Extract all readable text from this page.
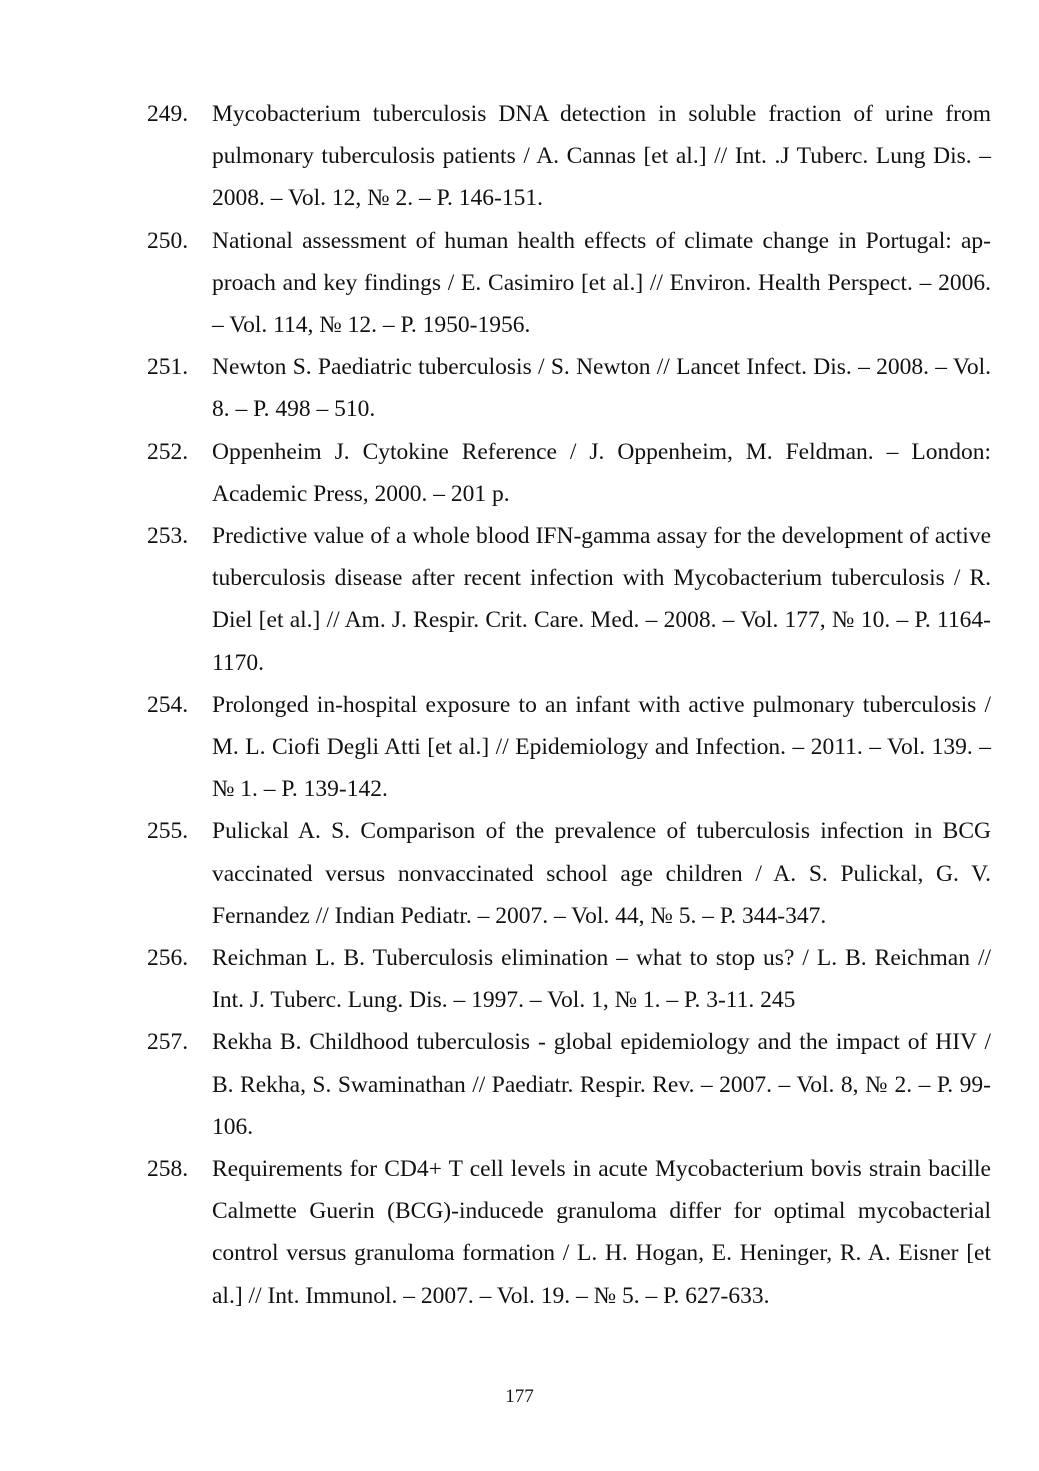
249. Mycobacterium tuberculosis DNA detection in soluble fraction of urine from pulmonary tuberculosis patients / A. Cannas [et al.] // Int. .J Tuberc. Lung Dis. – 2008. – Vol. 12, № 2. – P. 146-151.
250. National assessment of human health effects of climate change in Portugal: approach and key findings / E. Casimiro [et al.] // Environ. Health Perspect. – 2006. – Vol. 114, № 12. – P. 1950-1956.
251. Newton S. Paediatric tuberculosis / S. Newton // Lancet Infect. Dis. – 2008. – Vol. 8. – P. 498 – 510.
252. Oppenheim J. Cytokine Reference / J. Oppenheim, M. Feldman. – London: Academic Press, 2000. – 201 p.
253. Predictive value of a whole blood IFN-gamma assay for the development of active tuberculosis disease after recent infection with Mycobacterium tuberculosis / R. Diel [et al.] // Am. J. Respir. Crit. Care. Med. – 2008. – Vol. 177, № 10. – P. 1164-1170.
254. Prolonged in-hospital exposure to an infant with active pulmonary tuberculosis / M. L. Ciofi Degli Atti [et al.] // Epidemiology and Infection. – 2011. – Vol. 139. – № 1. – P. 139-142.
255. Pulickal A. S. Comparison of the prevalence of tuberculosis infection in BCG vaccinated versus nonvaccinated school age children / A. S. Pulickal, G. V. Fernandez // Indian Pediatr. – 2007. – Vol. 44, № 5. – P. 344-347.
256. Reichman L. B. Tuberculosis elimination – what to stop us? / L. B. Reichman // Int. J. Tuberc. Lung. Dis. – 1997. – Vol. 1, № 1. – P. 3-11. 245
257. Rekha B. Childhood tuberculosis - global epidemiology and the impact of HIV / B. Rekha, S. Swaminathan // Paediatr. Respir. Rev. – 2007. – Vol. 8, № 2. – P. 99-106.
258. Requirements for CD4+ T cell levels in acute Mycobacterium bovis strain bacille Calmette Guerin (BCG)-inducede granuloma differ for optimal mycobacterial control versus granuloma formation / L. H. Hogan, E. Heninger, R. A. Eisner [et al.] // Int. Immunol. – 2007. – Vol. 19. – № 5. – P. 627-633.
177
